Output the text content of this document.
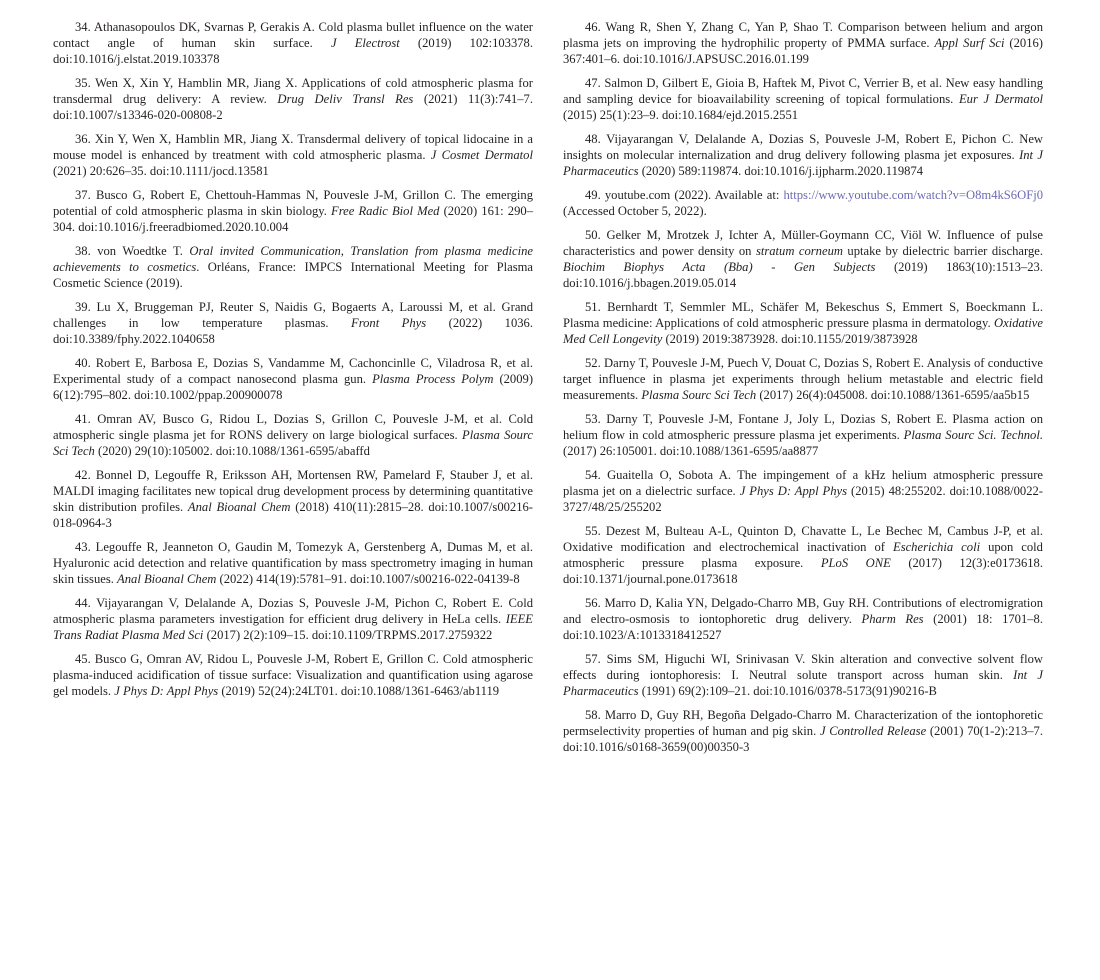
34. Athanasopoulos DK, Svarnas P, Gerakis A. Cold plasma bullet influence on the water contact angle of human skin surface. J Electrost (2019) 102:103378. doi:10.1016/j.elstat.2019.103378

35. Wen X, Xin Y, Hamblin MR, Jiang X. Applications of cold atmospheric plasma for transdermal drug delivery: A review. Drug Deliv Transl Res (2021) 11(3):741–7. doi:10.1007/s13346-020-00808-2

36. Xin Y, Wen X, Hamblin MR, Jiang X. Transdermal delivery of topical lidocaine in a mouse model is enhanced by treatment with cold atmospheric plasma. J Cosmet Dermatol (2021) 20:626–35. doi:10.1111/jocd.13581

37. Busco G, Robert E, Chettouh-Hammas N, Pouvesle J-M, Grillon C. The emerging potential of cold atmospheric plasma in skin biology. Free Radic Biol Med (2020) 161: 290–304. doi:10.1016/j.freeradbiomed.2020.10.004

38. von Woedtke T. Oral invited Communication, Translation from plasma medicine achievements to cosmetics. Orléans, France: IMPCS International Meeting for Plasma Cosmetic Science (2019).

39. Lu X, Bruggeman PJ, Reuter S, Naidis G, Bogaerts A, Laroussi M, et al. Grand challenges in low temperature plasmas. Front Phys (2022) 1036. doi:10.3389/fphy.2022.1040658

40. Robert E, Barbosa E, Dozias S, Vandamme M, Cachoncinlle C, Viladrosa R, et al. Experimental study of a compact nanosecond plasma gun. Plasma Process Polym (2009) 6(12):795–802. doi:10.1002/ppap.200900078

41. Omran AV, Busco G, Ridou L, Dozias S, Grillon C, Pouvesle J-M, et al. Cold atmospheric single plasma jet for RONS delivery on large biological surfaces. Plasma Sourc Sci Tech (2020) 29(10):105002. doi:10.1088/1361-6595/abaffd

42. Bonnel D, Legouffe R, Eriksson AH, Mortensen RW, Pamelard F, Stauber J, et al. MALDI imaging facilitates new topical drug development process by determining quantitative skin distribution profiles. Anal Bioanal Chem (2018) 410(11):2815–28. doi:10.1007/s00216-018-0964-3

43. Legouffe R, Jeanneton O, Gaudin M, Tomezyk A, Gerstenberg A, Dumas M, et al. Hyaluronic acid detection and relative quantification by mass spectrometry imaging in human skin tissues. Anal Bioanal Chem (2022) 414(19):5781–91. doi:10.1007/s00216-022-04139-8

44. Vijayarangan V, Delalande A, Dozias S, Pouvesle J-M, Pichon C, Robert E. Cold atmospheric plasma parameters investigation for efficient drug delivery in HeLa cells. IEEE Trans Radiat Plasma Med Sci (2017) 2(2):109–15. doi:10.1109/TRPMS.2017.2759322

45. Busco G, Omran AV, Ridou L, Pouvesle J-M, Robert E, Grillon C. Cold atmospheric plasma-induced acidification of tissue surface: Visualization and quantification using agarose gel models. J Phys D: Appl Phys (2019) 52(24):24LT01. doi:10.1088/1361-6463/ab1119

46. Wang R, Shen Y, Zhang C, Yan P, Shao T. Comparison between helium and argon plasma jets on improving the hydrophilic property of PMMA surface. Appl Surf Sci (2016) 367:401–6. doi:10.1016/J.APSUSC.2016.01.199

47. Salmon D, Gilbert E, Gioia B, Haftek M, Pivot C, Verrier B, et al. New easy handling and sampling device for bioavailability screening of topical formulations. Eur J Dermatol (2015) 25(1):23–9. doi:10.1684/ejd.2015.2551

48. Vijayarangan V, Delalande A, Dozias S, Pouvesle J-M, Robert E, Pichon C. New insights on molecular internalization and drug delivery following plasma jet exposures. Int J Pharmaceutics (2020) 589:119874. doi:10.1016/j.ijpharm.2020.119874

49. youtube.com (2022). Available at: https://www.youtube.com/watch?v=O8m4kS6OFj0 (Accessed October 5, 2022).

50. Gelker M, Mrotzek J, Ichter A, Müller-Goymann CC, Viöl W. Influence of pulse characteristics and power density on stratum corneum uptake by dielectric barrier discharge. Biochim Biophys Acta (Bba) - Gen Subjects (2019) 1863(10):1513–23. doi:10.1016/j.bbagen.2019.05.014

51. Bernhardt T, Semmler ML, Schäfer M, Bekeschus S, Emmert S, Boeckmann L. Plasma medicine: Applications of cold atmospheric pressure plasma in dermatology. Oxidative Med Cell Longevity (2019) 2019:3873928. doi:10.1155/2019/3873928

52. Darny T, Pouvesle J-M, Puech V, Douat C, Dozias S, Robert E. Analysis of conductive target influence in plasma jet experiments through helium metastable and electric field measurements. Plasma Sourc Sci Tech (2017) 26(4):045008. doi:10.1088/1361-6595/aa5b15

53. Darny T, Pouvesle J-M, Fontane J, Joly L, Dozias S, Robert E. Plasma action on helium flow in cold atmospheric pressure plasma jet experiments. Plasma Sourc Sci. Technol. (2017) 26:105001. doi:10.1088/1361-6595/aa8877

54. Guaitella O, Sobota A. The impingement of a kHz helium atmospheric pressure plasma jet on a dielectric surface. J Phys D: Appl Phys (2015) 48:255202. doi:10.1088/0022-3727/48/25/255202

55. Dezest M, Bulteau A-L, Quinton D, Chavatte L, Le Bechec M, Cambus J-P, et al. Oxidative modification and electrochemical inactivation of Escherichia coli upon cold atmospheric pressure plasma exposure. PLoS ONE (2017) 12(3):e0173618. doi:10.1371/journal.pone.0173618

56. Marro D, Kalia YN, Delgado-Charro MB, Guy RH. Contributions of electromigration and electro-osmosis to iontophoretic drug delivery. Pharm Res (2001) 18: 1701–8. doi:10.1023/A:1013318412527

57. Sims SM, Higuchi WI, Srinivasan V. Skin alteration and convective solvent flow effects during iontophoresis: I. Neutral solute transport across human skin. Int J Pharmaceutics (1991) 69(2):109–21. doi:10.1016/0378-5173(91)90216-B

58. Marro D, Guy RH, Begoña Delgado-Charro M. Characterization of the iontophoretic permselectivity properties of human and pig skin. J Controlled Release (2001) 70(1-2):213–7. doi:10.1016/s0168-3659(00)00350-3
